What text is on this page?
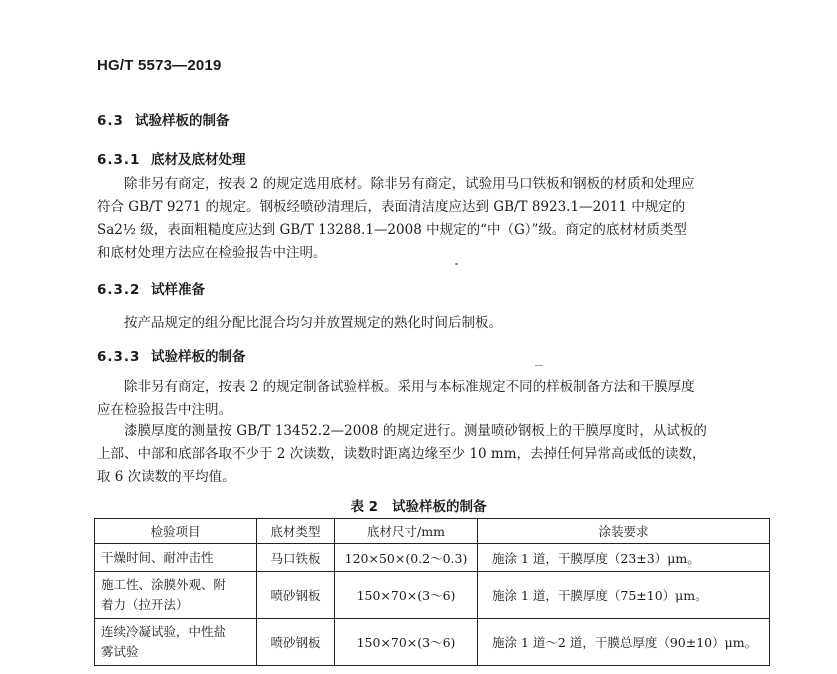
HG/T 5573—2019
6.3 试验样板的制备
6.3.1 底材及底材处理
除非另有商定，按表 2 的规定选用底材。除非另有商定，试验用马口铁板和钢板的材质和处理应
符合 GB/T 9271 的规定。钢板经喷砂清理后，表面清洁度应达到 GB/T 8923.1—2011 中规定的
Sa2½ 级，表面粗糙度应达到 GB/T 13288.1—2008 中规定的“中（G）”级。商定的底材材质类型
和底材处理方法应在检验报告中注明。
6.3.2 试样准备
按产品规定的组分配比混合均匀并放置规定的熟化时间后制板。
6.3.3 试验样板的制备
除非另有商定，按表 2 的规定制备试验样板。采用与本标准规定不同的样板制备方法和干膜厚度
应在检验报告中注明。
漆膜厚度的测量按 GB/T 13452.2—2008 的规定进行。测量喷砂钢板上的干膜厚度时，从试板的
上部、中部和底部各取不少于 2 次读数，读数时距离边缘至少 10 mm，去掉任何异常高或低的读数，
取 6 次读数的平均值。
表 2 试验样板的制备
检验项目	底材类型	底材尺寸/mm	涂装要求
干燥时间、耐冲击性	马口铁板	120×50×(0.2～0.3)	施涂 1 道，干膜厚度（23±3）μm。
施工性、涂膜外观、附
着力（拉开法）	喷砂钢板	150×70×(3～6)	施涂 1 道，干膜厚度（75±10）μm。
连续冷凝试验，中性盐
雾试验	喷砂钢板	150×70×(3～6)	施涂 1 道～2 道，干膜总厚度（90±10）μm。
